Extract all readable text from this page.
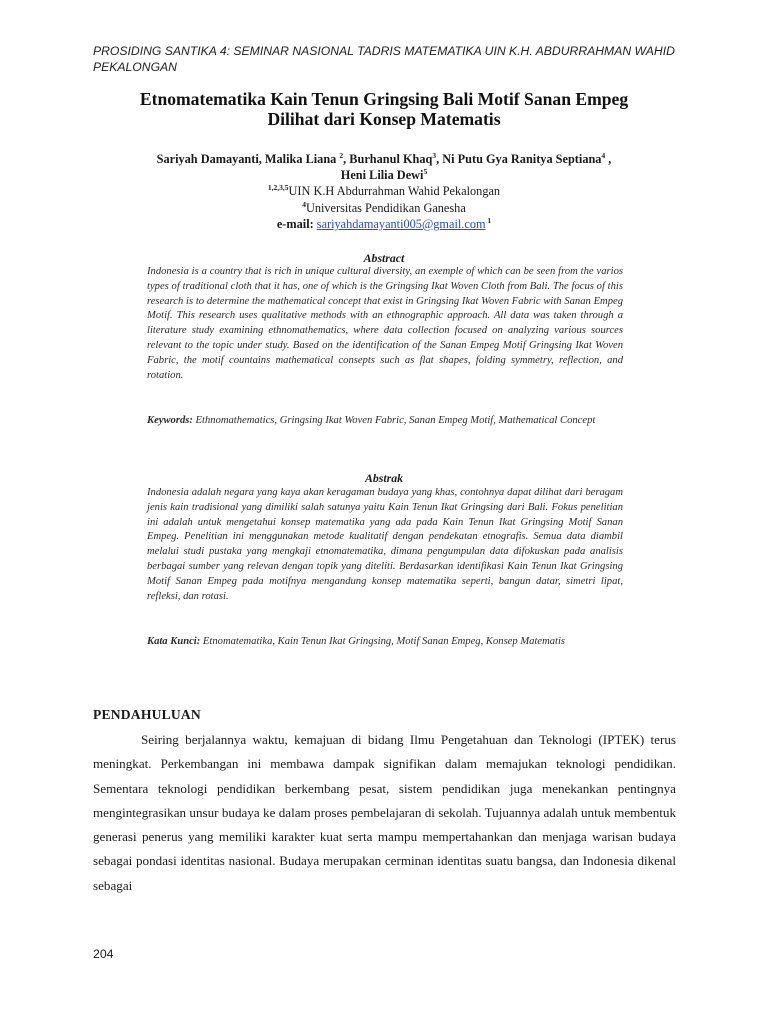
PROSIDING SANTIKA 4: SEMINAR NASIONAL TADRIS MATEMATIKA UIN K.H. ABDURRAHMAN WAHID PEKALONGAN
Etnomatematika Kain Tenun Gringsing Bali Motif Sanan Empeg
Dilihat dari Konsep Matematis
Sariyah Damayanti, Malika Liana $^2$, Burhanul Khaq$^3$, Ni Putu Gya Ranitya Septiana$^4$ ,
Heni Lilia Dewi$^5$
$^{1,2,3,5}$UIN K.H Abdurrahman Wahid Pekalongan
$^4$Universitas Pendidikan Ganesha
e-mail: sariyahdamayanti005@gmail.com $^1$
Abstract
Indonesia is a country that is rich in unique cultural diversity, an exemple of which can be seen from the varios types of traditional cloth that it has, one of which is the Gringsing Ikat Woven Cloth from Bali. The focus of this research is to determine the mathematical concept that exist in Gringsing Ikat Woven Fabric with Sanan Empeg Motif. This research uses qualitative methods with an ethnographic approach. All data was taken through a literature study examining ethnomathematics, where data collection focused on analyzing various sources relevant to the topic under study. Based on the identification of the Sanan Empeg Motif Gringsing Ikat Woven Fabric, the motif countains mathematical consepts such as flat shapes, folding symmetry, reflection, and rotation.
Keywords: Ethnomathematics, Gringsing Ikat Woven Fabric, Sanan Empeg Motif, Mathematical Concept
Abstrak
Indonesia adalah negara yang kaya akan keragaman budaya yang khas, contohnya dapat dilihat dari beragam jenis kain tradisional yang dimiliki salah satunya yaitu Kain Tenun Ikat Gringsing dari Bali. Fokus penelitian ini adalah untuk mengetahui konsep matematika yang ada pada Kain Tenun Ikat Gringsing Motif Sanan Empeg. Penelitian ini menggunakan metode kualitatif dengan pendekatan etnografis. Semua data diambil melalui studi pustaka yang mengkaji etnomatematika, dimana pengumpulan data difokuskan pada analisis berbagai sumber yang relevan dengan topik yang diteliti. Berdasarkan identifikasi Kain Tenun Ikat Gringsing Motif Sanan Empeg pada motifnya mengandung konsep matematika seperti, bangun datar, simetri lipat, refleksi, dan rotasi.
Kata Kunci: Etnomatematika, Kain Tenun Ikat Gringsing, Motif Sanan Empeg, Konsep Matematis
PENDAHULUAN
Seiring berjalannya waktu, kemajuan di bidang Ilmu Pengetahuan dan Teknologi (IPTEK) terus meningkat. Perkembangan ini membawa dampak signifikan dalam memajukan teknologi pendidikan. Sementara teknologi pendidikan berkembang pesat, sistem pendidikan juga menekankan pentingnya mengintegrasikan unsur budaya ke dalam proses pembelajaran di sekolah. Tujuannya adalah untuk membentuk generasi penerus yang memiliki karakter kuat serta mampu mempertahankan dan menjaga warisan budaya sebagai pondasi identitas nasional. Budaya merupakan cerminan identitas suatu bangsa, dan Indonesia dikenal sebagai
204
